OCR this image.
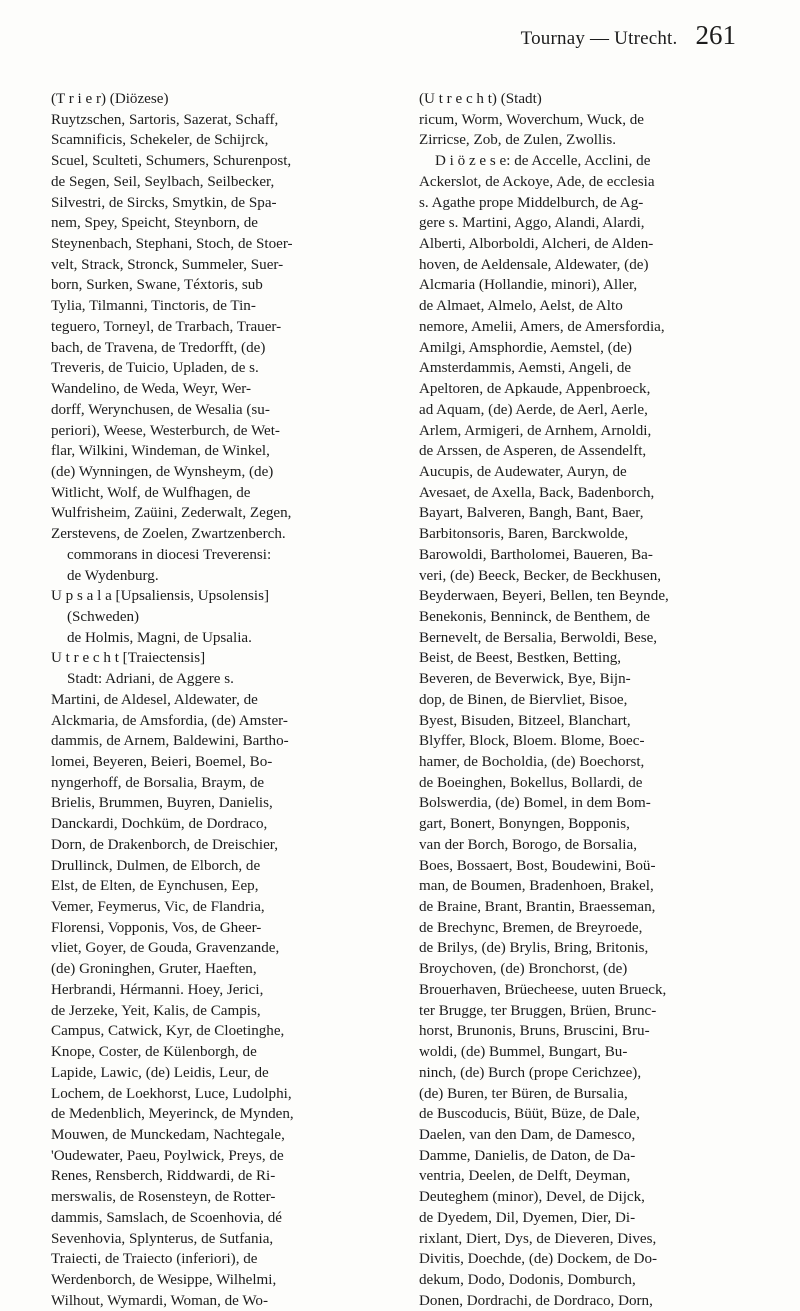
Tournay — Utrecht. 261
(T r i e r) (Diözese)
Ruytzschen, Sartoris, Sazerat, Schaff,
Scamnificis, Schekeler, de Schijrck,
Scuel, Sculteti, Schumers, Schurenpost,
de Segen, Seil, Seylbach, Seilbecker,
Silvestri, de Sircks, Smytkin, de Spa-
nem, Spey, Speicht, Steynborn, de
Steynenbach, Stephani, Stoch, de Stoer-
velt, Strack, Stronck, Summeler, Suer-
born, Surken, Swane, Téxtoris, sub
Tylia, Tilmanni, Tinctoris, de Tin-
teguero, Torneyl, de Trarbach, Trauer-
bach, de Travena, de Tredorfft, (de)
Treveris, de Tuicio, Upladen, de s.
Wandelino, de Weda, Weyr, Wer-
dorff, Werynchusen, de Wesalia (su-
periori), Weese, Westerburch, de Wet-
flar, Wilkini, Windeman, de Winkel,
(de) Wynningen, de Wynsheym, (de)
Witlicht, Wolf, de Wulfhagen, de
Wulfrisheim, Zaüini, Zederwalt, Zegen,
Zerstevens, de Zoelen, Zwartzenberch.
commorans in diocesi Treverensi:
de Wydenburg.
U p s a l a [Upsaliensis, Upsolensis]
(Schweden)
de Holmis, Magni, de Upsalia.
U t r e c h t [Traiectensis]
Stadt: Adriani, de Aggere s.
Martini, de Aldesel, Aldewater, de
Alckmaria, de Amsfordia, (de) Amster-
dammis, de Arnem, Baldewini, Bartho-
lomei, Beyeren, Beieri, Boemel, Bo-
nyngerhoff, de Borsalia, Braym, de
Brielis, Brummen, Buyren, Danielis,
Danckardi, Dochküm, de Dordraco,
Dorn, de Drakenborch, de Dreischier,
Drullinck, Dulmen, de Elborch, de
Elst, de Elten, de Eynchusen, Eep,
Vemer, Feymerus, Vic, de Flandria,
Florensi, Vopponis, Vos, de Gheer-
vliet, Goyer, de Gouda, Gravenzande,
(de) Groninghen, Gruter, Haeften,
Herbrandi, Hérmanni. Hoey, Jerici,
de Jerzeke, Yeit, Kalis, de Campis,
Campus, Catwick, Kyr, de Cloetinghe,
Knope, Coster, de Külenborgh, de
Lapide, Lawic, (de) Leidis, Leur, de
Lochem, de Loekhorst, Luce, Ludolphi,
de Medenblich, Meyerinck, de Mynden,
Mouwen, de Munckedam, Nachtegale,
'Oudewater, Paeu, Poylwick, Preys, de
Renes, Rensberch, Riddwardi, de Ri-
merswalis, de Rosensteyn, de Rotter-
dammis, Samslach, de Scoenhovia, dé
Sevenhovia, Splynterus, de Sutfania,
Traiecti, de Traiecto (inferiori), de
Werdenborch, de Wesippe, Wilhelmi,
Wilhout, Wymardi, Woman, de Wo-
(U t r e c h t) (Stadt)
ricum, Worm, Woverchum, Wuck, de
Zirricse, Zob, de Zulen, Zwollis.
D i ö z e s e: de Accelle, Acclini, de
Ackerslot, de Ackoye, Ade, de ecclesia
s. Agathe prope Middelburch, de Ag-
gere s. Martini, Aggo, Alandi, Alardi,
Alberti, Alborboldi, Alcheri, de Alden-
hoven, de Aeldensale, Aldewater, (de)
Alcmaria (Hollandie, minori), Aller,
de Almaet, Almelo, Aelst, de Alto
nemore, Amelii, Amers, de Amersfordia,
Amilgi, Amsphordie, Aemstel, (de)
Amsterdammis, Aemsti, Angeli, de
Apeltoren, de Apkaude, Appenbroeck,
ad Aquam, (de) Aerde, de Aerl, Aerle,
Arlem, Armigeri, de Arnhem, Arnoldi,
de Arssen, de Asperen, de Assendelft,
Aucupis, de Audewater, Auryn, de
Avesaet, de Axella, Back, Badenborch,
Bayart, Balveren, Bangh, Bant, Baer,
Barbitonsoris, Baren, Barckwolde,
Barowoldi, Bartholomei, Baueren, Ba-
veri, (de) Beeck, Becker, de Beckhusen,
Beyderwaen, Beyeri, Bellen, ten Beynde,
Benekonis, Benninck, de Benthem, de
Bernevelt, de Bersalia, Berwoldi, Bese,
Beist, de Beest, Bestken, Betting,
Beveren, de Beverwick, Bye, Bijn-
dop, de Binen, de Biervliet, Bisoe,
Byest, Bisuden, Bitzeel, Blanchart,
Blyffer, Block, Bloem. Blome, Boec-
hamer, de Bocholdia, (de) Boechorst,
de Boeinghen, Bokellus, Bollardi, de
Bolswerdia, (de) Bomel, in dem Bom-
gart, Bonert, Bonyngen, Bopponis,
van der Borch, Borogo, de Borsalia,
Boes, Bossaert, Bost, Boudewini, Boü-
man, de Boumen, Bradenhoen, Brakel,
de Braine, Brant, Brantin, Braesseman,
de Brechync, Bremen, de Breyroede,
de Brilys, (de) Brylis, Bring, Britonis,
Broychoven, (de) Bronchorst, (de)
Brouerhaven, Brüecheese, uuten Brueck,
ter Brugge, ter Bruggen, Brüen, Brunc-
horst, Brunonis, Bruns, Bruscini, Bru-
woldi, (de) Bummel, Bungart, Bu-
ninch, (de) Burch (prope Cerichzee),
(de) Buren, ter Büren, de Bursalia,
de Buscoducis, Büüt, Büze, de Dale,
Daelen, van den Dam, de Damesco,
Damme, Danielis, de Daton, de Da-
ventria, Deelen, de Delft, Deyman,
Deuteghem (minor), Devel, de Dijck,
de Dyedem, Dil, Dyemen, Dier, Di-
rixlant, Diert, Dys, de Dieveren, Dives,
Divitis, Doechde, (de) Dockem, de Do-
dekum, Dodo, Dodonis, Domburch,
Donen, Dordrachi, de Dordraco, Dorn,
